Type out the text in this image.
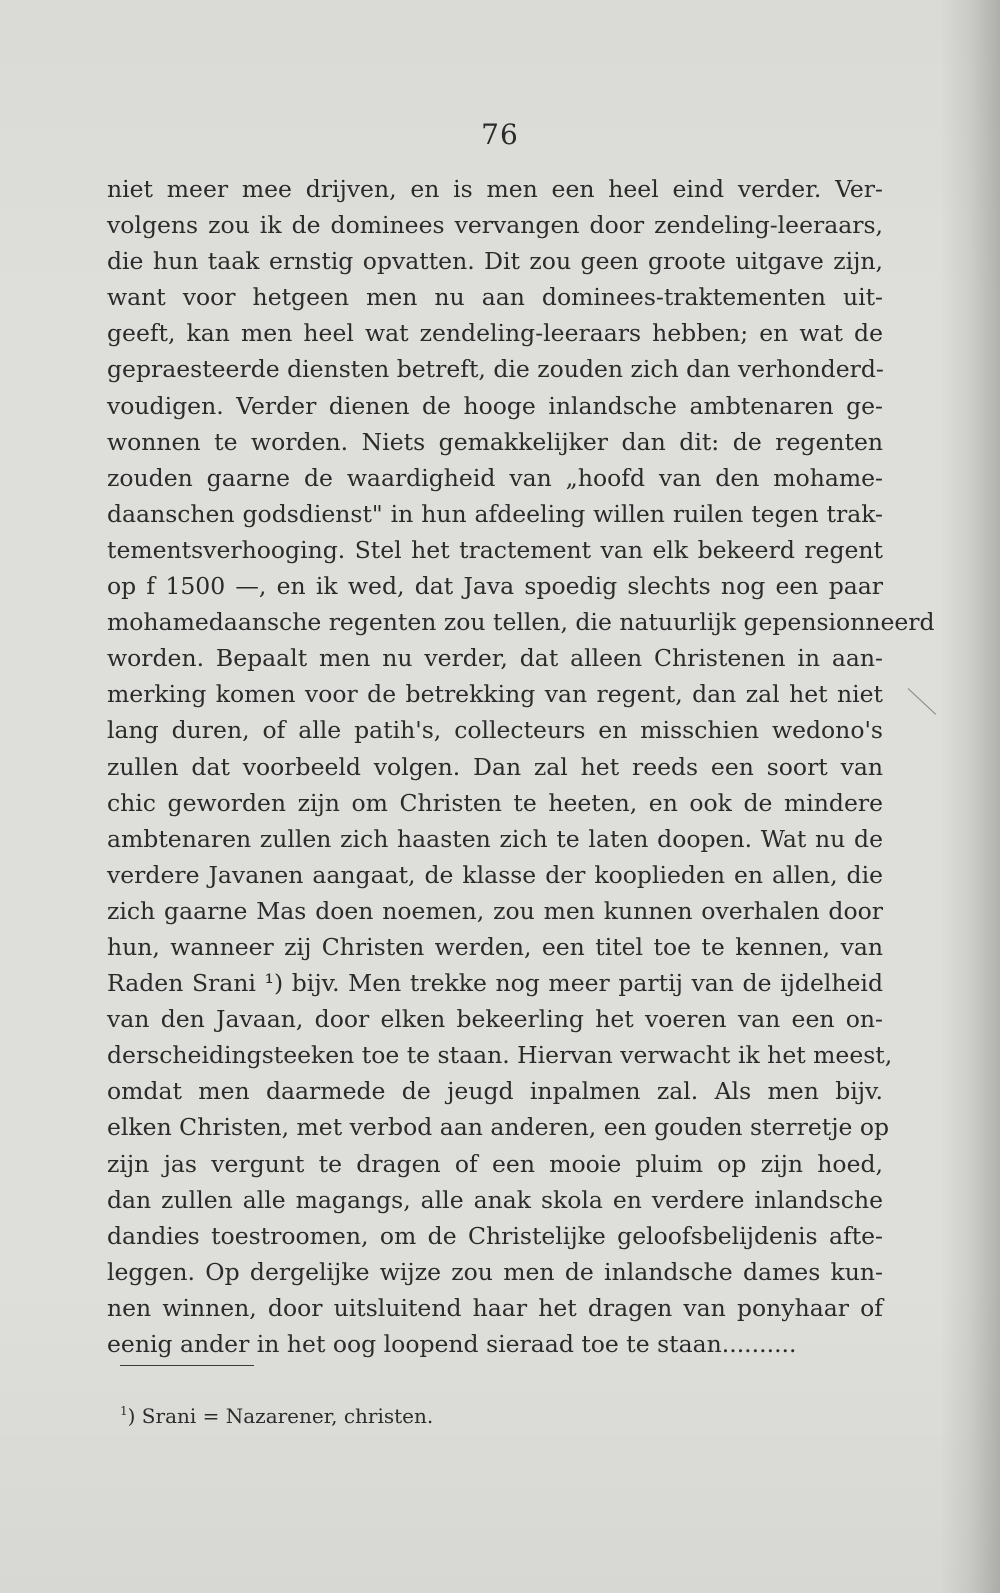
76
niet meer mee drijven, en is men een heel eind verder. Ver-
volgens zou ik de dominees vervangen door zendeling-leeraars,
die hun taak ernstig opvatten. Dit zou geen groote uitgave zijn,
want voor hetgeen men nu aan dominees-traktementen uit-
geeft, kan men heel wat zendeling-leeraars hebben; en wat de
gepraesteerde diensten betreft, die zouden zich dan verhonderd-
voudigen. Verder dienen de hooge inlandsche ambtenaren ge-
wonnen te worden. Niets gemakkelijker dan dit: de regenten
zouden gaarne de waardigheid van „hoofd van den mohame-
daanschen godsdienst" in hun afdeeling willen ruilen tegen trak-
tementsverhooging. Stel het tractement van elk bekeerd regent
op f 1500 —, en ik wed, dat Java spoedig slechts nog een paar
mohamedaansche regenten zou tellen, die natuurlijk gepensionneerd
worden. Bepaalt men nu verder, dat alleen Christenen in aan-
merking komen voor de betrekking van regent, dan zal het niet
lang duren, of alle patih's, collecteurs en misschien wedono's
zullen dat voorbeeld volgen. Dan zal het reeds een soort van
chic geworden zijn om Christen te heeten, en ook de mindere
ambtenaren zullen zich haasten zich te laten doopen. Wat nu de
verdere Javanen aangaat, de klasse der kooplieden en allen, die
zich gaarne Mas doen noemen, zou men kunnen overhalen door
hun, wanneer zij Christen werden, een titel toe te kennen, van
Raden Srani ¹) bijv. Men trekke nog meer partij van de ijdelheid
van den Javaan, door elken bekeerling het voeren van een on-
derscheidingsteeken toe te staan. Hiervan verwacht ik het meest,
omdat men daarmede de jeugd inpalmen zal. Als men bijv.
elken Christen, met verbod aan anderen, een gouden sterretje op
zijn jas vergunt te dragen of een mooie pluim op zijn hoed,
dan zullen alle magangs, alle anak skola en verdere inlandsche
dandies toestroomen, om de Christelijke geloofsbelijdenis afte-
leggen. Op dergelijke wijze zou men de inlandsche dames kun-
nen winnen, door uitsluitend haar het dragen van ponyhaar of
eenig ander in het oog loopend sieraad toe te staan..........
$^1$) Srani = Nazarener, christen.
